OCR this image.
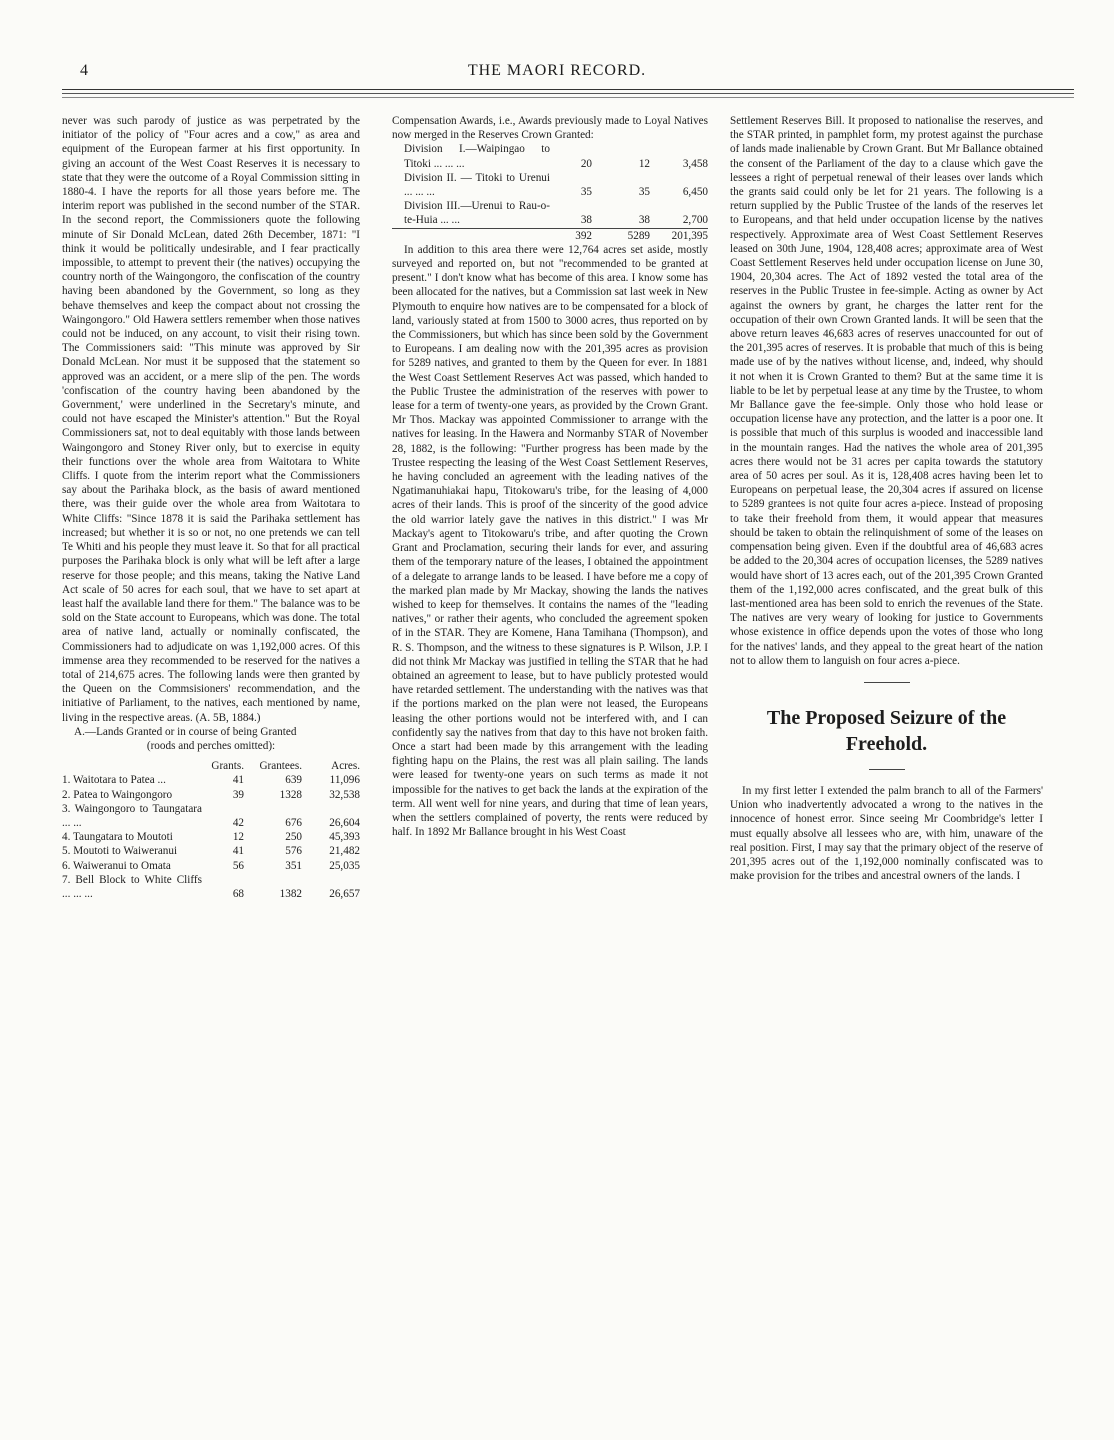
4	THE MAORI RECORD.

never was such parody of justice as was perpetrated by the initiator of the policy of "Four acres and a cow," as area and equipment of the European farmer at his first opportunity. In giving an account of the West Coast Reserves it is necessary to state that they were the outcome of a Royal Commission sitting in 1880-4. I have the reports for all those years before me. The interim report was published in the second number of the STAR. In the second report, the Commissioners quote the following minute of Sir Donald McLean, dated 26th December, 1871: "I think it would be politically undesirable, and I fear practically impossible, to attempt to prevent their (the natives) occupying the country north of the Waingongoro, the confiscation of the country having been abandoned by the Government, so long as they behave themselves and keep the compact about not crossing the Waingongoro." Old Hawera settlers remember when those natives could not be induced, on any account, to visit their rising town. The Commissioners said: "This minute was approved by Sir Donald McLean. Nor must it be supposed that the statement so approved was an accident, or a mere slip of the pen. The words 'confiscation of the country having been abandoned by the Government,' were underlined in the Secretary's minute, and could not have escaped the Minister's attention." But the Royal Commissioners sat, not to deal equitably with those lands between Waingongoro and Stoney River only, but to exercise in equity their functions over the whole area from Waitotara to White Cliffs. I quote from the interim report what the Commissioners say about the Parihaka block, as the basis of award mentioned there, was their guide over the whole area from Waitotara to White Cliffs: "Since 1878 it is said the Parihaka settlement has increased; but whether it is so or not, no one pretends we can tell Te Whiti and his people they must leave it. So that for all practical purposes the Parihaka block is only what will be left after a large reserve for those people; and this means, taking the Native Land Act scale of 50 acres for each soul, that we have to set apart at least half the available land there for them." The balance was to be sold on the State account to Europeans, which was done. The total area of native land, actually or nominally confiscated, the Commissioners had to adjudicate on was 1,192,000 acres. Of this immense area they recommended to be reserved for the natives a total of 214,675 acres. The following lands were then granted by the Queen on the Commsisioners' recommendation, and the initiative of Parliament, to the natives, each mentioned by name, living in the respective areas. (A. 5B, 1884.)

A.—Lands Granted or in course of being Granted

(roods and perches omitted):
	Grants.	Grantees.	Acres.
1. Waitotara to Patea ...	41	639	11,096
2. Patea to Waingongoro	39	1328	32,538
3. Waingongoro to Taungatara ... ...	42	676	26,604
4. Taungatara to Moutoti	12	250	45,393
5. Moutoti to Waiweranui	41	576	21,482
6. Waiweranui to Omata	56	351	25,035
7. Bell Block to White Cliffs ... ... ...	68	1382	26,657

Compensation Awards, i.e., Awards previously made to Loyal Natives now merged in the Reserves Crown Granted:

Division I.—Waipingao to Titoki ... ... ...	20	12	3,458
Division II. — Titoki to Urenui ... ... ...	35	35	6,450
Division III.—Urenui to Rau-o-te-Huia ... ...	38	38	2,700
	392	5289	201,395

In addition to this area there were 12,764 acres set aside, mostly surveyed and reported on, but not "recommended to be granted at present." I don't know what has become of this area. I know some has been allocated for the natives, but a Commission sat last week in New Plymouth to enquire how natives are to be compensated for a block of land, variously stated at from 1500 to 3000 acres, thus reported on by the Commissioners, but which has since been sold by the Government to Europeans. I am dealing now with the 201,395 acres as provision for 5289 natives, and granted to them by the Queen for ever. In 1881 the West Coast Settlement Reserves Act was passed, which handed to the Public Trustee the administration of the reserves with power to lease for a term of twenty-one years, as provided by the Crown Grant. Mr Thos. Mackay was appointed Commissioner to arrange with the natives for leasing. In the Hawera and Normanby STAR of November 28, 1882, is the following: "Further progress has been made by the Trustee respecting the leasing of the West Coast Settlement Reserves, he having concluded an agreement with the leading natives of the Ngatimanuhiakai hapu, Titokowaru's tribe, for the leasing of 4,000 acres of their lands. This is proof of the sincerity of the good advice the old warrior lately gave the natives in this district." I was Mr Mackay's agent to Titokowaru's tribe, and after quoting the Crown Grant and Proclamation, securing their lands for ever, and assuring them of the temporary nature of the leases, I obtained the appointment of a delegate to arrange lands to be leased. I have before me a copy of the marked plan made by Mr Mackay, showing the lands the natives wished to keep for themselves. It contains the names of the "leading natives," or rather their agents, who concluded the agreement spoken of in the STAR. They are Komene, Hana Tamihana (Thompson), and R. S. Thompson, and the witness to these signatures is P. Wilson, J.P. I did not think Mr Mackay was justified in telling the STAR that he had obtained an agreement to lease, but to have publicly protested would have retarded settlement. The understanding with the natives was that if the portions marked on the plan were not leased, the Europeans leasing the other portions would not be interfered with, and I can confidently say the natives from that day to this have not broken faith. Once a start had been made by this arrangement with the leading fighting hapu on the Plains, the rest was all plain sailing. The lands were leased for twenty-one years on such terms as made it not impossible for the natives to get back the lands at the expiration of the term. All went well for nine years, and during that time of lean years, when the settlers complained of poverty, the rents were reduced by half. In 1892 Mr Ballance brought in his West Coast

Settlement Reserves Bill. It proposed to nationalise the reserves, and the STAR printed, in pamphlet form, my protest against the purchase of lands made inalienable by Crown Grant. But Mr Ballance obtained the consent of the Parliament of the day to a clause which gave the lessees a right of perpetual renewal of their leases over lands which the grants said could only be let for 21 years. The following is a return supplied by the Public Trustee of the lands of the reserves let to Europeans, and that held under occupation license by the natives respectively. Approximate area of West Coast Settlement Reserves leased on 30th June, 1904, 128,408 acres; approximate area of West Coast Settlement Reserves held under occupation license on June 30, 1904, 20,304 acres. The Act of 1892 vested the total area of the reserves in the Public Trustee in fee-simple. Acting as owner by Act against the owners by grant, he charges the latter rent for the occupation of their own Crown Granted lands. It will be seen that the above return leaves 46,683 acres of reserves unaccounted for out of the 201,395 acres of reserves. It is probable that much of this is being made use of by the natives without license, and, indeed, why should it not when it is Crown Granted to them? But at the same time it is liable to be let by perpetual lease at any time by the Trustee, to whom Mr Ballance gave the fee-simple. Only those who hold lease or occupation license have any protection, and the latter is a poor one. It is possible that much of this surplus is wooded and inaccessible land in the mountain ranges. Had the natives the whole area of 201,395 acres there would not be 31 acres per capita towards the statutory area of 50 acres per soul. As it is, 128,408 acres having been let to Europeans on perpetual lease, the 20,304 acres if assured on license to 5289 grantees is not quite four acres a-piece. Instead of proposing to take their freehold from them, it would appear that measures should be taken to obtain the relinquishment of some of the leases on compensation being given. Even if the doubtful area of 46,683 acres be added to the 20,304 acres of occupation licenses, the 5289 natives would have short of 13 acres each, out of the 201,395 Crown Granted them of the 1,192,000 acres confiscated, and the great bulk of this last-mentioned area has been sold to enrich the revenues of the State. The natives are very weary of looking for justice to Governments whose existence in office depends upon the votes of those who long for the natives' lands, and they appeal to the great heart of the nation not to allow them to languish on four acres a-piece.

The Proposed Seizure of the Freehold.

In my first letter I extended the palm branch to all of the Farmers' Union who inadvertently advocated a wrong to the natives in the innocence of honest error. Since seeing Mr Coombridge's letter I must equally absolve all lessees who are, with him, unaware of the real position. First, I may say that the primary object of the reserve of 201,395 acres out of the 1,192,000 nominally confiscated was to make provision for the tribes and ancestral owners of the lands. I
